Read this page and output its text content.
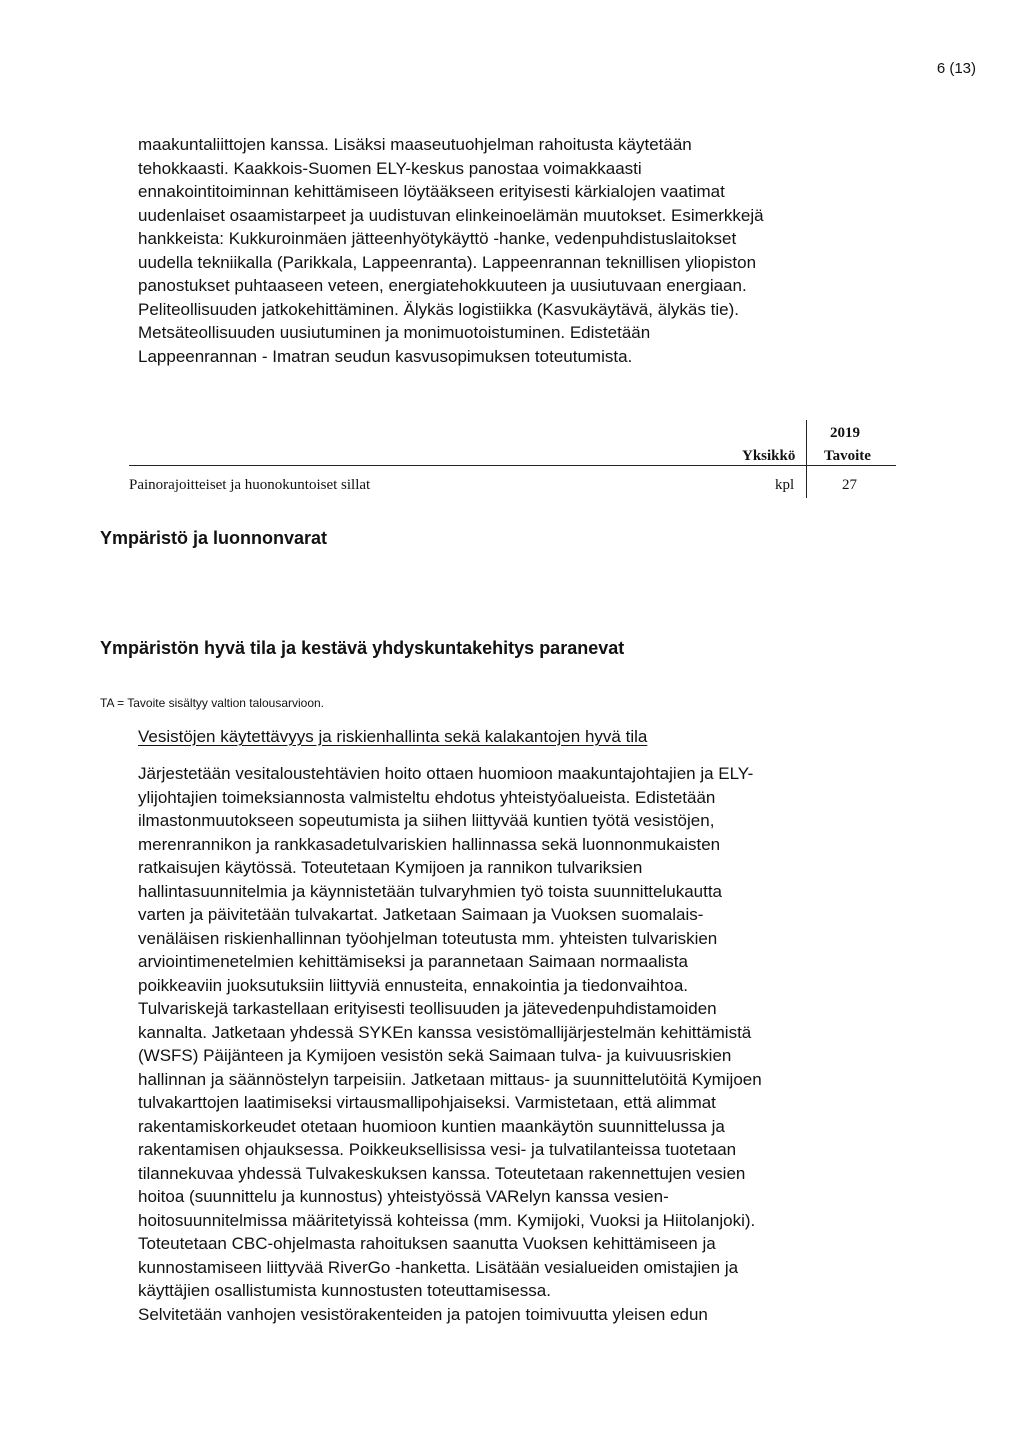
6 (13)

maakuntaliittojen kanssa. Lisäksi maaseutuohjelman rahoitusta käytetään

tehokkaasti. Kaakkois-Suomen ELY-keskus panostaa voimakkaasti

ennakointitoiminnan kehittämiseen löytääkseen erityisesti kärkialojen vaatimat

uudenlaiset osaamistarpeet ja uudistuvan elinkeinoelämän muutokset. Esimerkkejä

hankkeista: Kukkuroinmäen jätteenhyötykäyttö -hanke, vedenpuhdistuslaitokset

uudella tekniikalla (Parikkala, Lappeenranta). Lappeenrannan teknillisen yliopiston

panostukset puhtaaseen veteen, energiatehokkuuteen ja uusiutuvaan energiaan.

Peliteollisuuden jatkokehittäminen. Älykäs logistiikka (Kasvukäytävä, älykäs tie).

Metsäteollisuuden uusiutuminen ja monimuotoistuminen. Edistetään

Lappeenrannan - Imatran seudun kasvusopimuksen toteutumista.

2019
Yksikkö Tavoite
Painorajoitteiset ja huonokuntoiset sillat	kpl	27
Ympäristö ja luonnonvarat
Ympäristön hyvä tila ja kestävä yhdyskuntakehitys paranevat
TA = Tavoite sisältyy valtion talousarvioon.
Vesistöjen käytettävyys ja riskienhallinta sekä kalakantojen hyvä tila

Järjestetään vesitaloustehtävien hoito ottaen huomioon maakuntajohtajien ja ELY-

ylijohtajien toimeksiannosta valmisteltu ehdotus yhteistyöalueista. Edistetään

ilmastonmuutokseen sopeutumista ja siihen liittyvää kuntien työtä vesistöjen,

merenrannikon ja rankkasadetulvariskien hallinnassa sekä luonnonmukaisten

ratkaisujen käytössä. Toteutetaan Kymijoen ja rannikon tulvariksien

hallintasuunnitelmia ja käynnistetään tulvaryhmien työ toista suunnittelukautta

varten ja päivitetään tulvakartat. Jatketaan Saimaan ja Vuoksen suomalais-

venäläisen riskienhallinnan työohjelman toteutusta mm. yhteisten tulvariskien

arviointimenetelmien kehittämiseksi ja parannetaan Saimaan normaalista

poikkeaviin juoksutuksiin liittyviä ennusteita, ennakointia ja tiedonvaihtoa.

Tulvariskejä tarkastellaan erityisesti teollisuuden ja jätevedenpuhdistamoiden

kannalta. Jatketaan yhdessä SYKEn kanssa vesistömallijärjestelmän kehittämistä

(WSFS) Päijänteen ja Kymijoen vesistön sekä Saimaan tulva- ja kuivuusriskien

hallinnan ja säännöstelyn tarpeisiin. Jatketaan mittaus- ja suunnittelutöitä Kymijoen

tulvakarttojen laatimiseksi virtausmallipohjaiseksi. Varmistetaan, että alimmat

rakentamiskorkeudet otetaan huomioon kuntien maankäytön suunnittelussa ja

rakentamisen ohjauksessa. Poikkeuksellisissa vesi- ja tulvatilanteissa tuotetaan

tilannekuvaa yhdessä Tulvakeskuksen kanssa. Toteutetaan rakennettujen vesien

hoitoa (suunnittelu ja kunnostus) yhteistyössä VARelyn kanssa vesien-

hoitosuunnitelmissa määritetyissä kohteissa (mm. Kymijoki, Vuoksi ja Hiitolanjoki).

Toteutetaan CBC-ohjelmasta rahoituksen saanutta Vuoksen kehittämiseen ja

kunnostamiseen liittyvää RiverGo -hanketta. Lisätään vesialueiden omistajien ja

käyttäjien osallistumista kunnostusten toteuttamisessa.

Selvitetään vanhojen vesistörakenteiden ja patojen toimivuutta yleisen edun
